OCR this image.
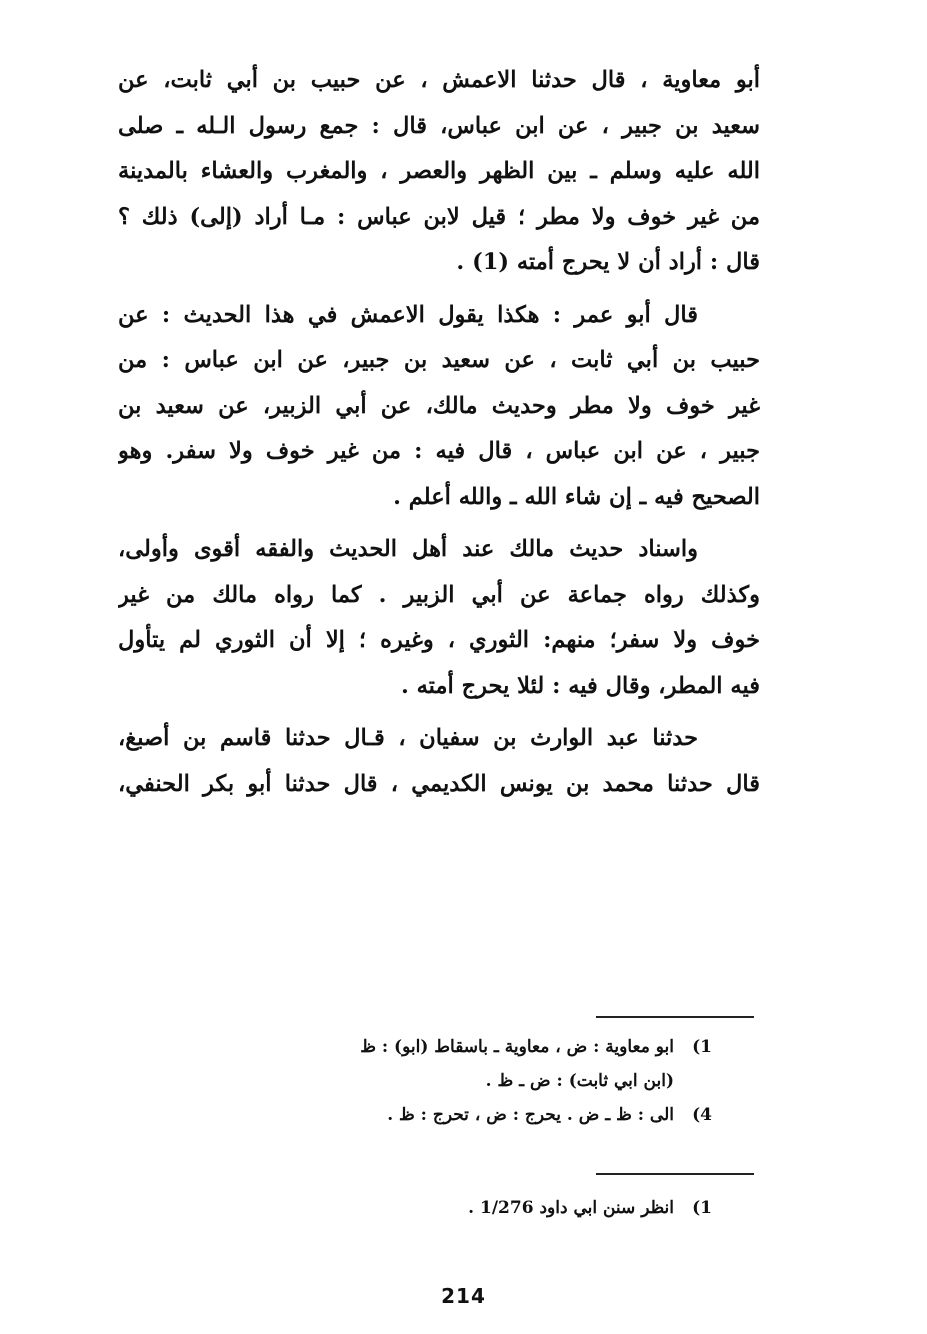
أبو معاوية ، قال حدثنا الاعمش ، عن حبيب بن أبي ثابت، عن
سعيد بن جبير ، عن ابن عباس، قال : جمع رسول الـله ـ صلى
الله عليه وسلم ـ بين الظهر والعصر ، والمغرب والعشاء بالمدينة
من غير خوف ولا مطر ؛ قيل لابن عباس : مـا أراد (إلى) ذلك ؟
قال : أراد أن لا يحرج أمته (1) .
قال أبو عمر : هكذا يقول الاعمش في هذا الحديث : عن
حبيب بن أبي ثابت ، عن سعيد بن جبير، عن ابن عباس : من
غير خوف ولا مطر وحديث مالك، عن أبي الزبير، عن سعيد بن
جبير ، عن ابن عباس ، قال فيه : من غير خوف ولا سفر. وهو
الصحيح فيه ـ إن شاء الله ـ والله أعلم .
واسناد حديث مالك عند أهل الحديث والفقه أقوى وأولى،
وكذلك رواه جماعة عن أبي الزبير . كما رواه مالك من غير
خوف ولا سفر؛ منهم: الثوري ، وغيره ؛ إلا أن الثوري لم يتأول
فيه المطر، وقال فيه : لئلا يحرج أمته .
حدثنا عبد الوارث بن سفيان ، قـال حدثنا قاسم بن أصبغ،
قال حدثنا محمد بن يونس الكديمي ، قال حدثنا أبو بكر الحنفي،
1)ابو معاوية : ض ، معاوية ـ باسقاط (ابو) : ظ
(ابن ابي ثابت) : ض ـ ظ .
4)الى : ظ ـ ض . يحرج : ض ، تحرج : ظ .
1)انظر سنن ابي داود 1/276 .
214
